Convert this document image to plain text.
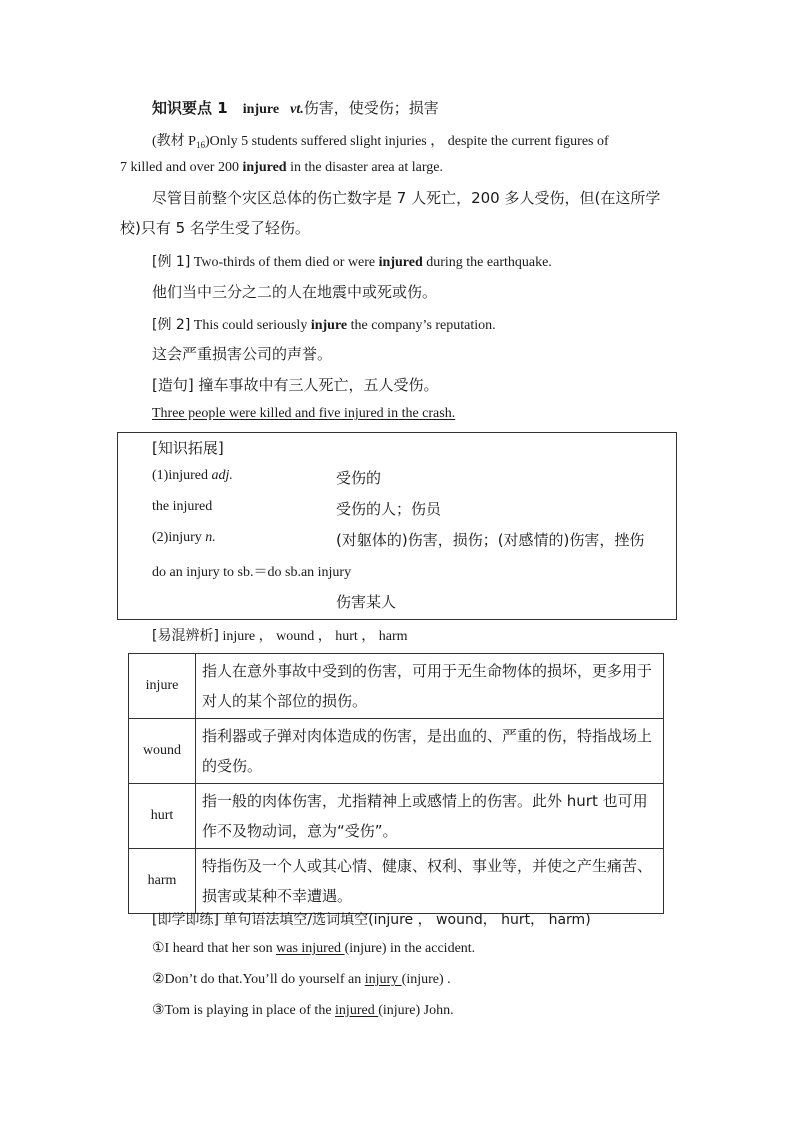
知识要点 1 injure vt.伤害，使受伤；损害
(教材 $P_{16})Only$ 5 students suffered slight injuries ， despite the current figures of
7 killed and over 200 injured in the disaster area at large.
尽管目前整个灾区总体的伤亡数字是 7 人死亡，200 多人受伤，但(在这所学
校)只有 5 名学生受了轻伤。
[例 1] Two-thirds of them died or were injured during the earthquake.
他们当中三分之二的人在地震中或死或伤。
[例 2] This could seriously injure the company’s reputation.
这会严重损害公司的声誉。
[造句] 撞车事故中有三人死亡，五人受伤。
Three people were killed and five injured in the crash.
[知识拓展]
(1)injured adj.	受伤的
the injured	受伤的人；伤员
(2)injury n.	(对躯体的)伤害，损伤；(对感情的)伤害，挫伤
do an injury to sb.＝do sb.an injury
伤害某人
[易混辨析] injure ， wound ， hurt ， harm
injure	指人在意外事故中受到的伤害，可用于无生命物体的损坏，更多用于对人的某个部位的损伤。
wound	指利器或子弹对肉体造成的伤害，是出血的、严重的伤，特指战场上的受伤。
hurt	指一般的肉体伤害，尤指精神上或感情上的伤害。此外 hurt 也可用作不及物动词，意为“受伤”。
harm	特指伤及一个人或其心情、健康、权利、事业等，并使之产生痛苦、损害或某种不幸遭遇。
[即学即练] 单句语法填空/选词填空(injure ， wound， hurt， harm)
①I heard that her son was injured (injure) in the accident.
②Don’t do that.You’ll do yourself an injury (injure) .
③Tom is playing in place of the injured (injure) John.
